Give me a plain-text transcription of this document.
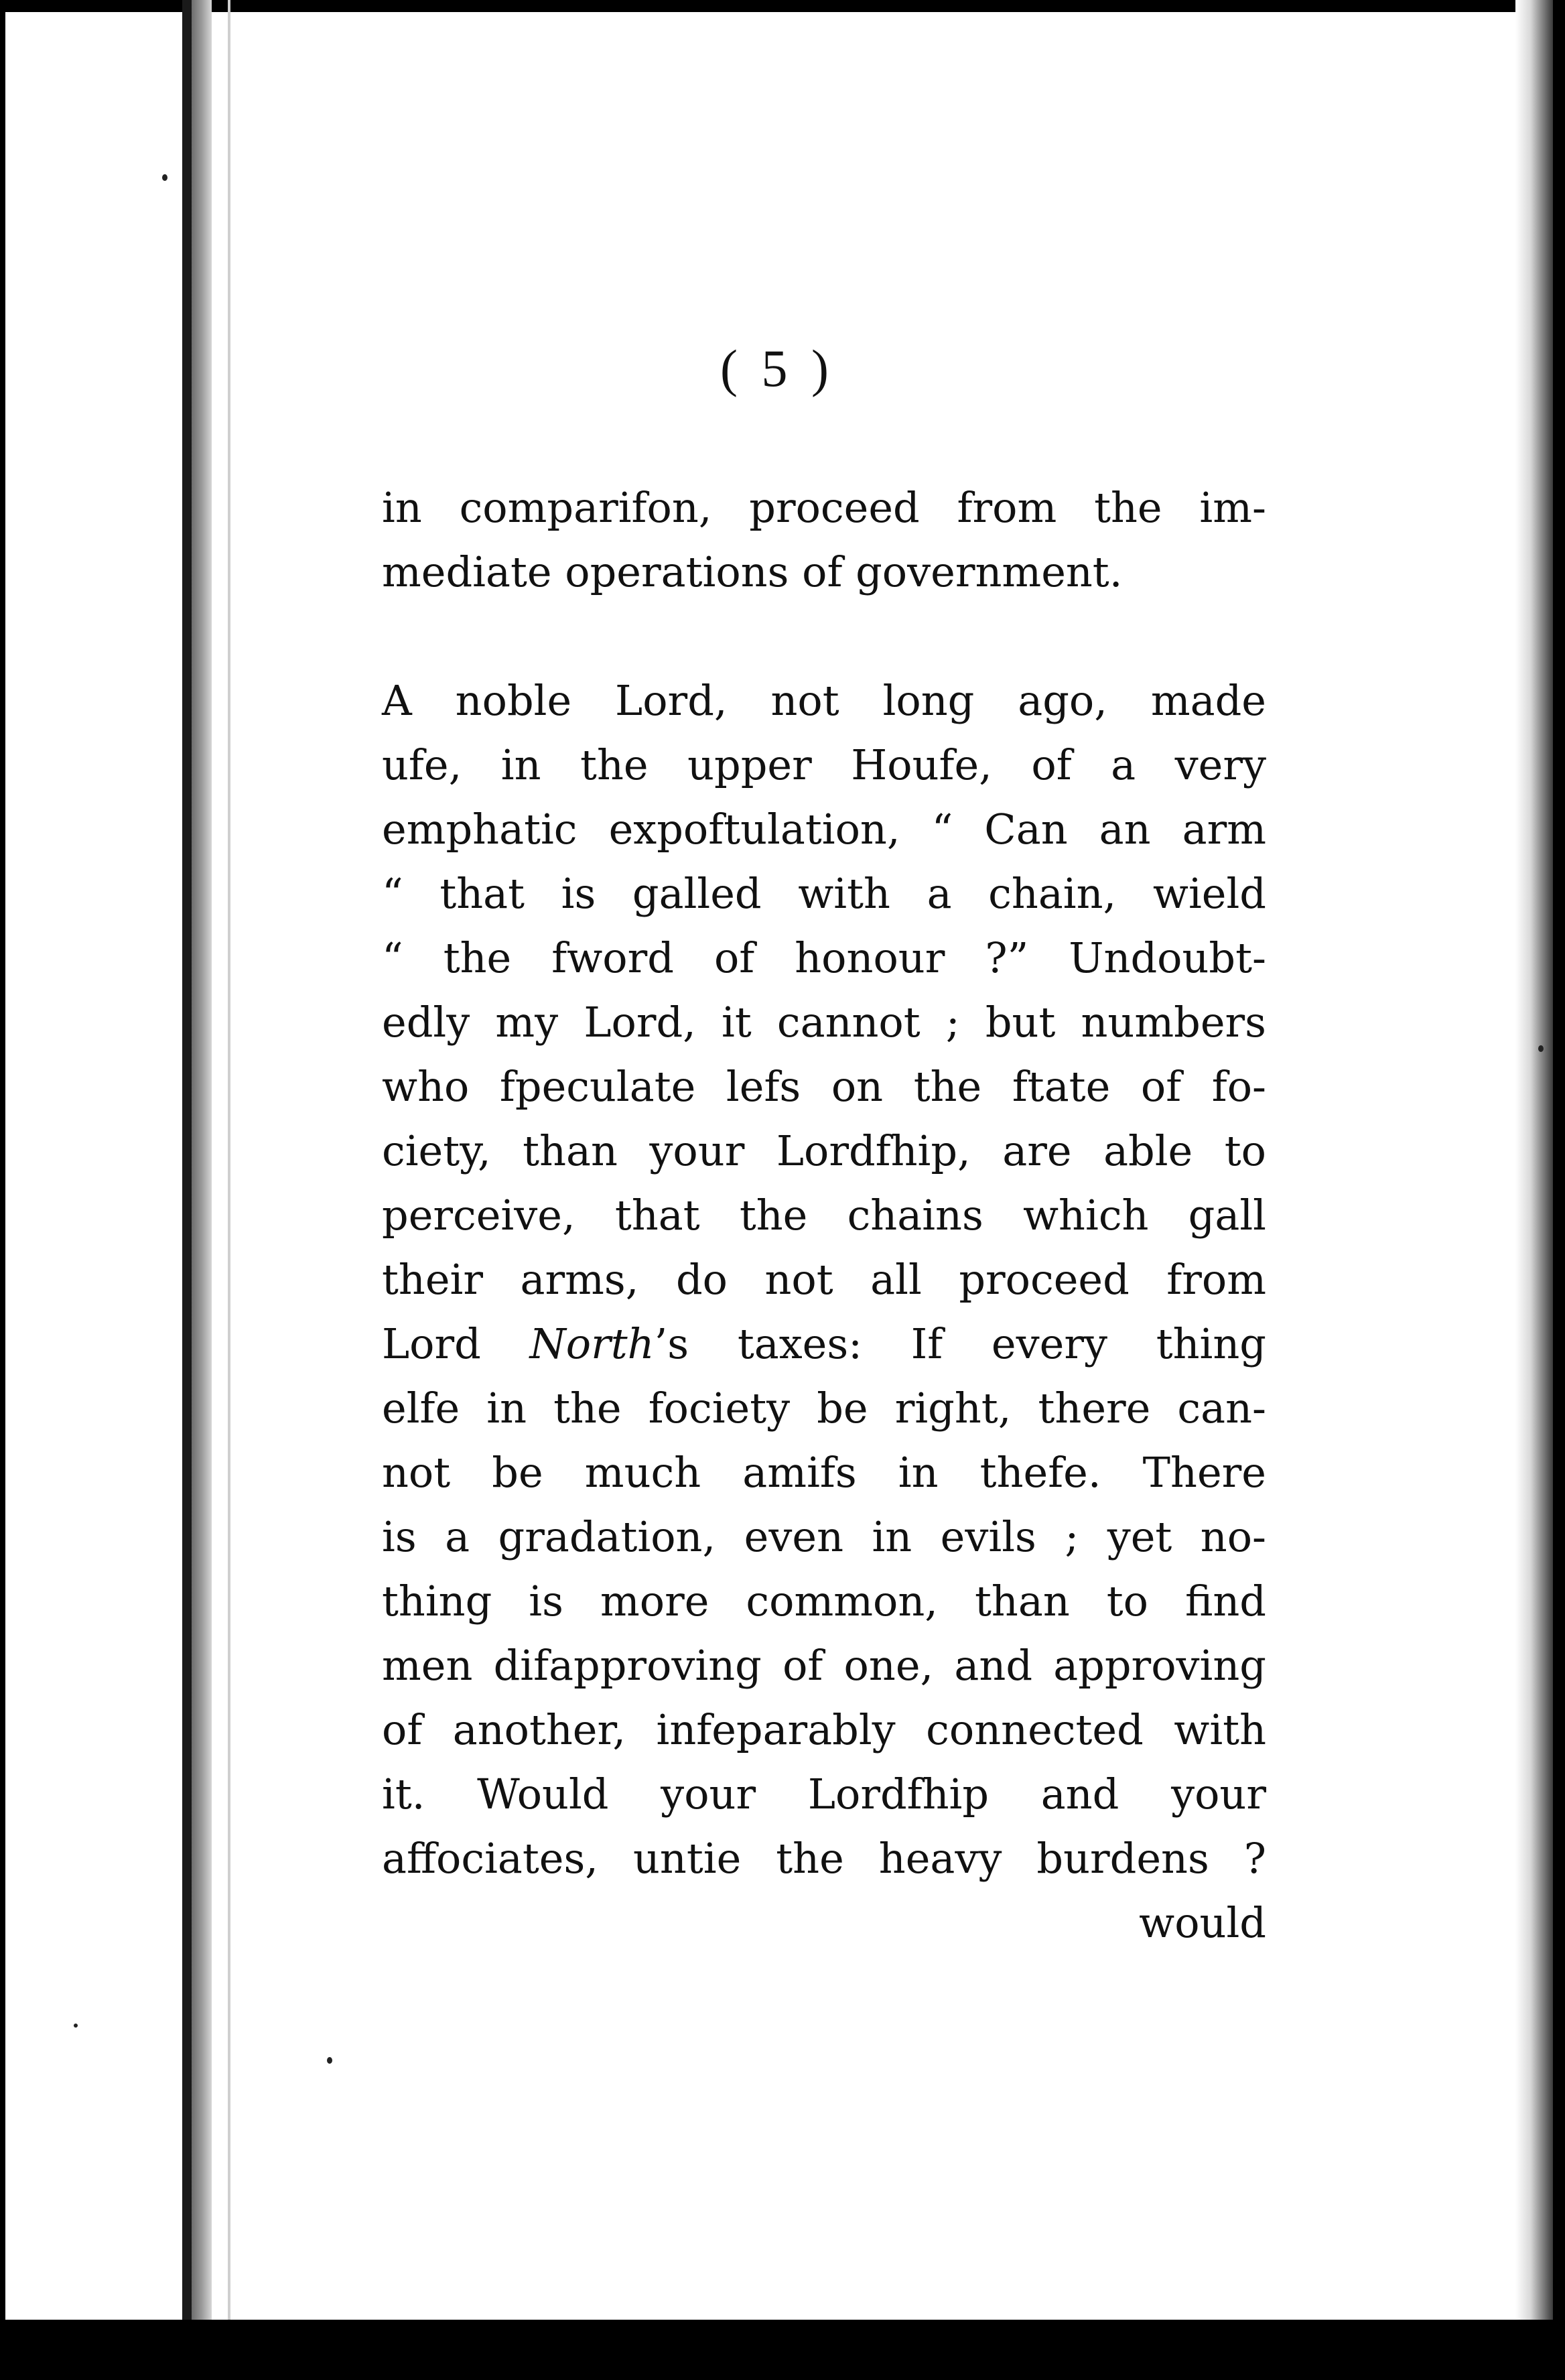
( 5 )
in comparifon, proceed from the im-
mediate operations of government.
A noble Lord, not long ago, made
ufe, in the upper Houfe, of a very
emphatic expoftulation, “ Can an arm
“ that is galled with a chain, wield
“ the fword of honour ?” Undoubt-
edly my Lord, it cannot ; but numbers
who fpeculate lefs on the ftate of fo-
ciety, than your Lordfhip, are able to
perceive, that the chains which gall
their arms, do not all proceed from
Lord North’s taxes: If every thing
elfe in the fociety be right, there can-
not be much amifs in thefe. There
is a gradation, even in evils ; yet no-
thing is more common, than to find
men difapproving of one, and approving
of another, infeparably connected with
it. Would your Lordfhip and your
affociates, untie the heavy burdens ?
would
